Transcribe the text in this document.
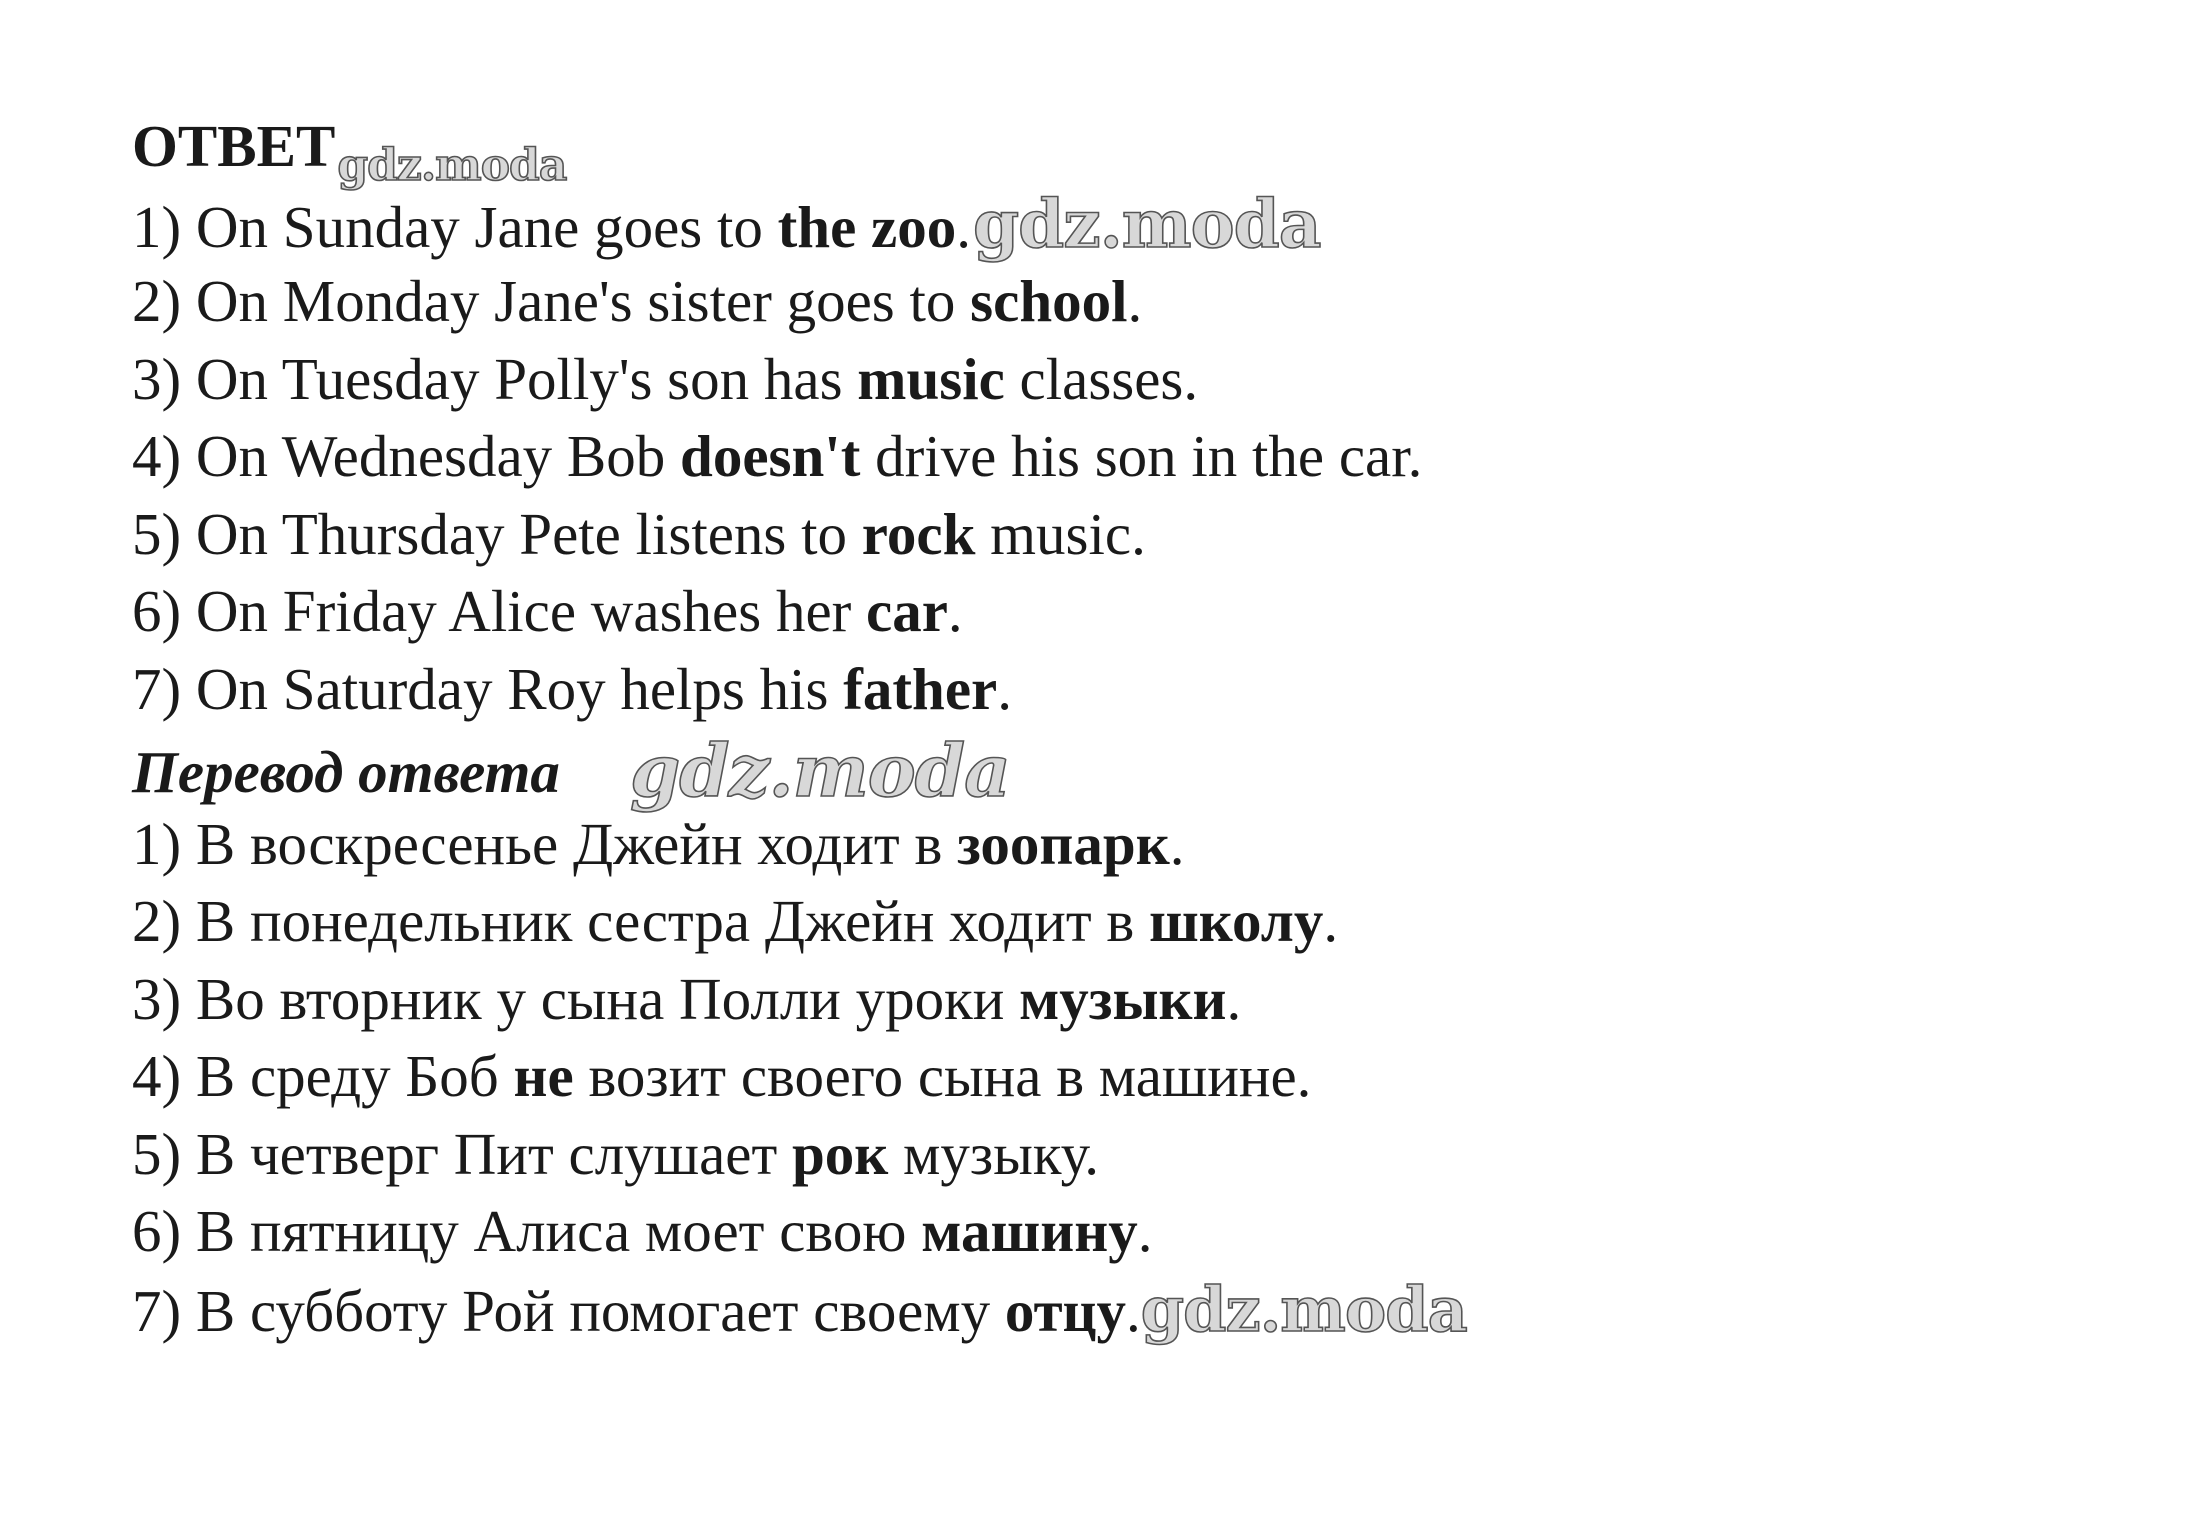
ОТВЕТgdz.moda
1) On Sunday Jane goes to the zoo.gdz.moda
2) On Monday Jane's sister goes to school.
3) On Tuesday Polly's son has music classes.
4) On Wednesday Bob doesn't drive his son in the car.
5) On Thursday Pete listens to rock music.
6) On Friday Alice washes her car.
7) On Saturday Roy helps his father.
Перевод ответа gdz.moda
1) В воскресенье Джейн ходит в зоопарк.
2) В понедельник сестра Джейн ходит в школу.
3) Во вторник у сына Полли уроки музыки.
4) В среду Боб не возит своего сына в машине.
5) В четверг Пит слушает рок музыку.
6) В пятницу Алиса моет свою машину.
7) В субботу Рой помогает своему отцу.gdz.moda
